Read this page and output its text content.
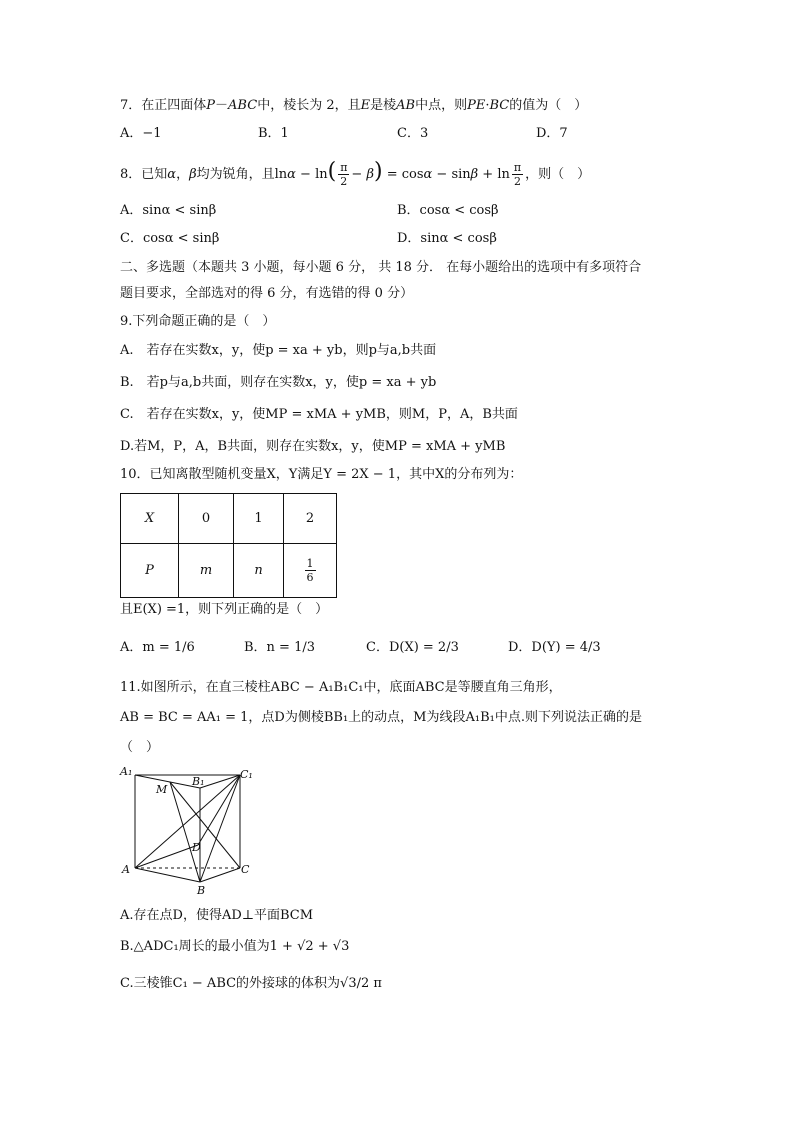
7．在正四面体P－ABC中，棱长为 2，且E是棱AB中点，则PE·BC的值为（　）
A．−1	B．1	C．3	D．7
8．已知α，β均为锐角，且$\ln\alpha - \ln( \frac{\pi}{2} - \beta) = \cos\alpha - \sin\beta + \ln \frac{\pi}{2}$ ，则（　）
A．sinα < sinβ	B．cosα < cosβ
C．cosα < sinβ	D．sinα < cosβ
二、多选题（本题共 3 小题，每小题 6 分， 共 18 分． 在每小题给出的选项中有多项符合
题目要求，全部选对的得 6 分，有选错的得 0 分）
9.下列命题正确的是（　）
A.　若存在实数x，y，使p = xa + yb，则p与a,b共面
B.　若p与a,b共面，则存在实数x，y，使p = xa + yb
C.　若存在实数x，y，使MP = xMA + yMB，则M，P，A，B共面
D.若M，P，A，B共面，则存在实数x，y，使MP = xMA + yMB
10．已知离散型随机变量X，Y满足Y = 2X − 1，其中X的分布列为：
X	0	1	2
P	m	n	$\frac{1}{6}$
且E(X) =1，则下列正确的是（　）
A．m = 1/6	B．n = 1/3	C．D(X) = 2/3	D．D(Y) = 4/3
11.如图所示，在直三棱柱ABC − A₁B₁C₁中，底面ABC是等腰直角三角形，
AB = BC = AA₁ = 1，点D为侧棱BB₁上的动点，M为线段A₁B₁中点.则下列说法正确的是
（　）
A₁
B₁
C₁
M
D
A
B
C
A.存在点D，使得AD⊥平面BCM
B.△ADC₁周长的最小值为1 + √2 + √3
C.三棱锥C₁ − ABC的外接球的体积为√3/2 π
